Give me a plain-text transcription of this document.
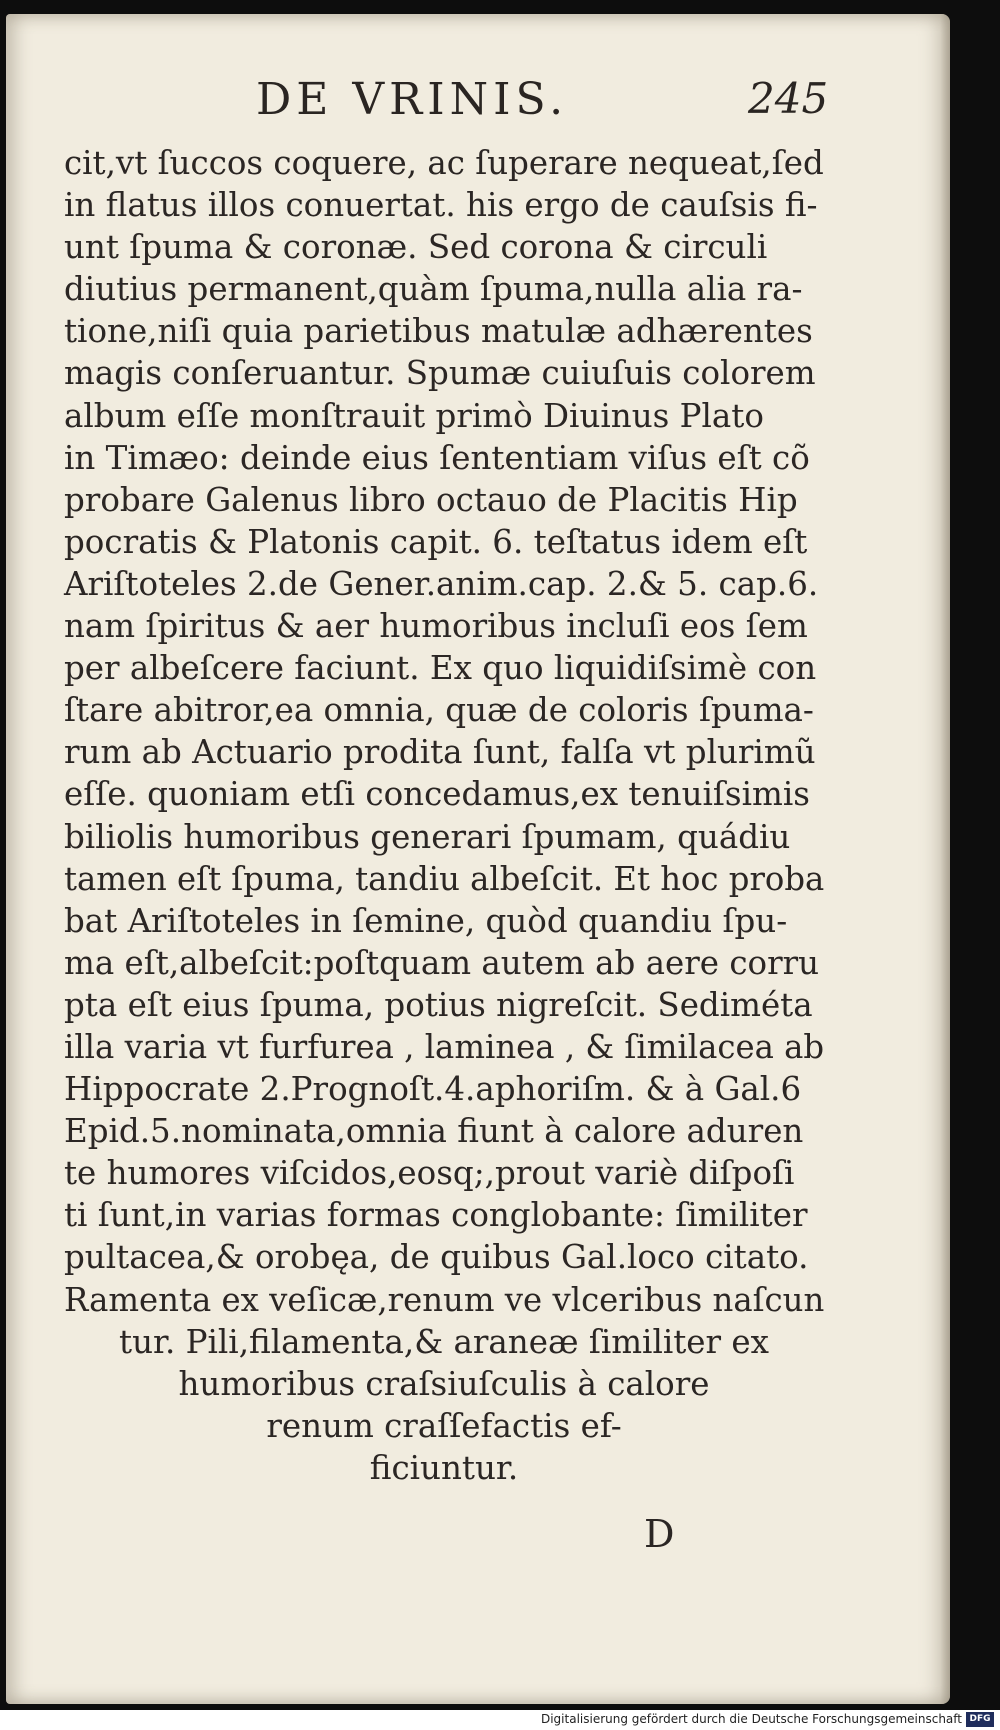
DE VRINIS.	245
cit,vt ſuccos coquere, ac ſuperare nequeat,ſed
in flatus illos conuertat. his ergo de cauſsis fi-
unt ſpuma & coronæ. Sed corona & circuli
diutius permanent,quàm ſpuma,nulla alia ra-
tione,niſi quia parietibus matulæ adhærentes
magis conſeruantur. Spumæ cuiuſuis colorem
album eſſe monſtrauit primò Diuinus Plato
in Timæo: deinde eius ſententiam viſus eſt cõ
probare Galenus libro octauo de Placitis Hip
pocratis & Platonis capit. 6. teſtatus idem eſt
Ariſtoteles 2.de Gener.anim.cap. 2.& 5. cap.6.
nam ſpiritus & aer humoribus incluſi eos ſem
per albeſcere faciunt. Ex quo liquidiſsimè con
ſtare abitror,ea omnia, quæ de coloris ſpuma-
rum ab Actuario prodita ſunt, falſa vt plurimũ
eſſe. quoniam etſi concedamus,ex tenuiſsimis
biliolis humoribus generari ſpumam, quádiu
tamen eſt ſpuma, tandiu albeſcit. Et hoc proba
bat Ariſtoteles in ſemine, quòd quandiu ſpu-
ma eſt,albeſcit:poſtquam autem ab aere corru
pta eſt eius ſpuma, potius nigreſcit. Sediméta
illa varia vt furfurea , laminea , & ſimilacea ab
Hippocrate 2.Prognoſt.4.aphoriſm. & à Gal.6
Epid.5.nominata,omnia fiunt à calore aduren
te humores viſcidos,eosq;,prout variè diſpoſi
ti ſunt,in varias formas conglobante: ſimiliter
pultacea,& orobęa, de quibus Gal.loco citato.
Ramenta ex veſicæ,renum ve vlceribus naſcun
tur. Pili,filamenta,& araneæ ſimiliter ex
humoribus craſsiuſculis à calore
renum craſſefactis ef-
ficiuntur.
D
Digitalisierung gefördert durch die Deutsche Forschungsgemeinschaft DFG
